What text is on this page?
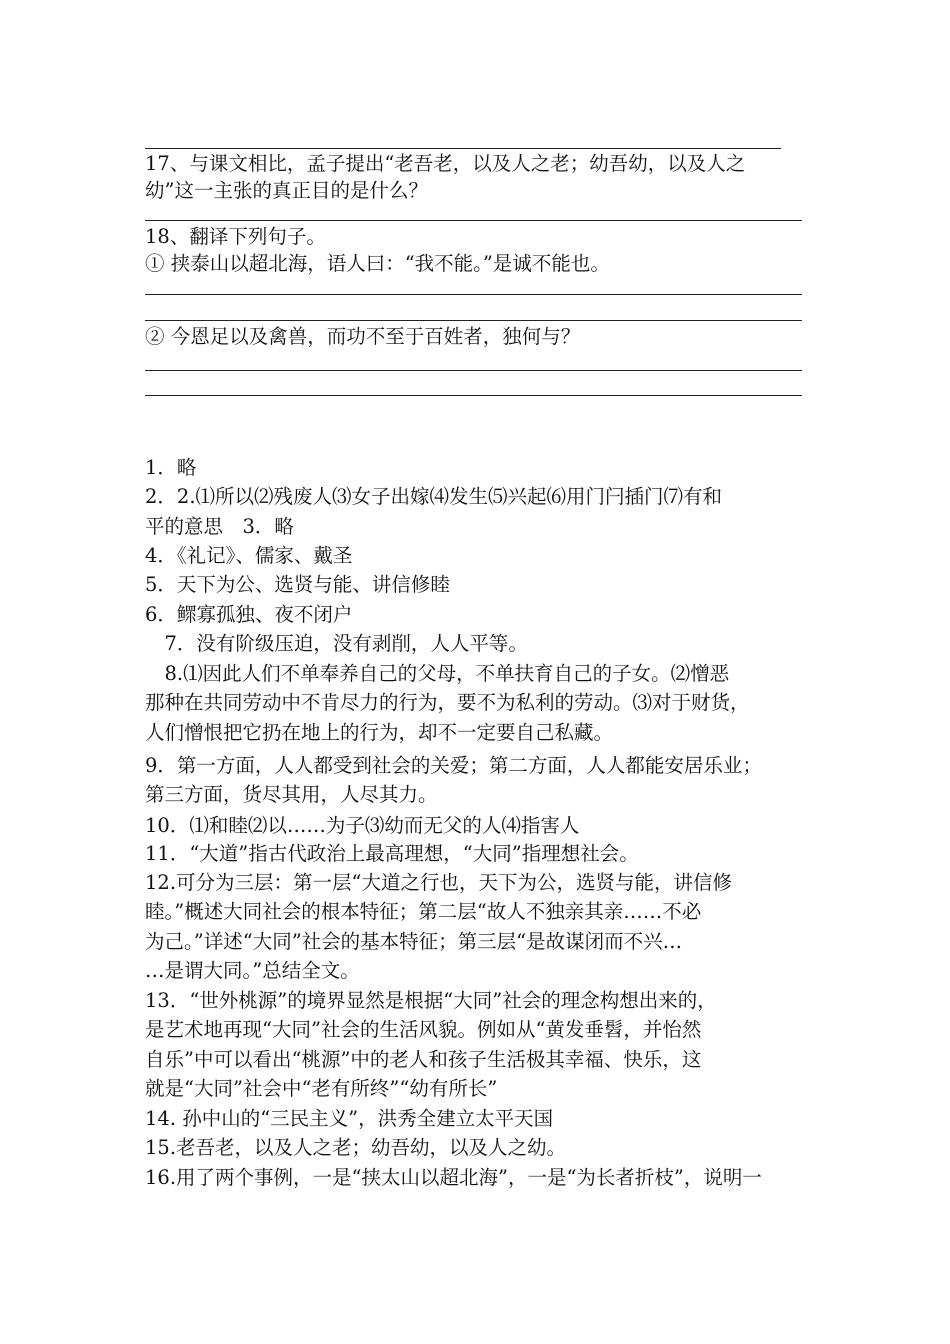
17、与课文相比，孟子提出“老吾老，以及人之老；幼吾幼，以及人之
幼”这一主张的真正目的是什么？
18、翻译下列句子。
① 挟泰山以超北海，语人曰：“我不能。”是诚不能也。
② 今恩足以及禽兽，而功不至于百姓者，独何与？
1．略
2．2.⑴所以⑵残废人⑶女子出嫁⑷发生⑸兴起⑹用门闩插门⑺有和
平的意思　3．略
4．《礼记》、儒家、戴圣
5．天下为公、选贤与能、讲信修睦
6．鳏寡孤独、夜不闭户
　7．没有阶级压迫，没有剥削，人人平等。
　8.⑴因此人们不单奉养自己的父母，不单扶育自己的子女。⑵憎恶
那种在共同劳动中不肯尽力的行为，要不为私利的劳动。⑶对于财货，
人们憎恨把它扔在地上的行为，却不一定要自己私藏。
9．第一方面，人人都受到社会的关爱；第二方面，人人都能安居乐业；
第三方面，货尽其用，人尽其力。
10．⑴和睦⑵以……为子⑶幼而无父的人⑷指害人
11．“大道”指古代政治上最高理想，“大同”指理想社会。
12.可分为三层：第一层“大道之行也，天下为公，选贤与能，讲信修
睦。”概述大同社会的根本特征；第二层“故人不独亲其亲……不必
为己。”详述“大同”社会的基本特征；第三层“是故谋闭而不兴…
…是谓大同。”总结全文。
13．“世外桃源”的境界显然是根据“大同”社会的理念构想出来的，
是艺术地再现“大同”社会的生活风貌。例如从“黄发垂髫，并怡然
自乐”中可以看出“桃源”中的老人和孩子生活极其幸福、快乐，这
就是“大同”社会中“老有所终”“幼有所长”
14. 孙中山的“三民主义”，洪秀全建立太平天国
15.老吾老，以及人之老；幼吾幼，以及人之幼。
16.用了两个事例，一是“挟太山以超北海”，一是“为长者折枝”，说明一
